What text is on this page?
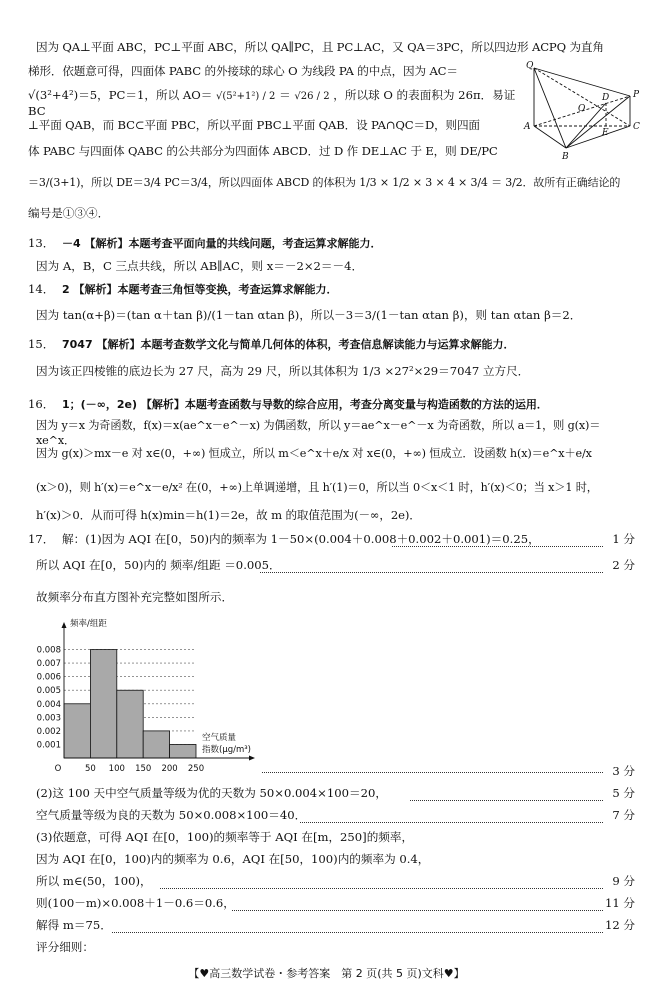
因为 QA⊥平面 ABC，PC⊥平面 ABC，所以 QA∥PC，且 PC⊥AC，又 QA＝3PC，所以四边形 ACPQ 为直角
梯形．依题意可得，四面体 PABC 的外接球的球心 O 为线段 PA 的中点，因为 AC＝
√(3²+4²)＝5，PC＝1，所以 AO＝ √(5²+1²) / 2 ＝ √26 / 2 ，所以球 O 的表面积为 26π．易证 BC
⊥平面 QAB，而 BC⊂平面 PBC，所以平面 PBC⊥平面 QAB．设 PA∩QC＝D，则四面
体 PABC 与四面体 QABC 的公共部分为四面体 ABCD．过 D 作 DE⊥AC 于 E，则 DE/PC
＝3/(3+1)，所以 DE＝3/4 PC＝3/4，所以四面体 ABCD 的体积为 1/3 × 1/2 × 3 × 4 × 3/4 ＝ 3/2．故所有正确结论的
编号是①③④．
Q
P
D
O
A
E
C
B
13． －4 【解析】本题考查平面向量的共线问题，考查运算求解能力．
因为 A，B，C 三点共线，所以 AB∥AC，则 x＝－2×2＝－4．
14． 2 【解析】本题考查三角恒等变换，考查运算求解能力．
因为 tan(α+β)＝(tan α＋tan β)/(1－tan αtan β)，所以－3＝3/(1－tan αtan β)，则 tan αtan β＝2．
15． 7047 【解析】本题考查数学文化与简单几何体的体积，考查信息解读能力与运算求解能力．
因为该正四棱锥的底边长为 27 尺，高为 29 尺，所以其体积为 1/3 ×27²×29＝7047 立方尺．
16． 1；(－∞，2e) 【解析】本题考查函数与导数的综合应用，考查分离变量与构造函数的方法的运用．
因为 y＝x 为奇函数，f(x)＝x(ae^x－e^－x) 为偶函数，所以 y＝ae^x－e^－x 为奇函数，所以 a＝1，则 g(x)＝xe^x．
因为 g(x)＞mx－e 对 x∈(0，+∞) 恒成立，所以 m＜e^x＋e/x 对 x∈(0，+∞) 恒成立．设函数 h(x)＝e^x＋e/x
(x＞0)，则 h′(x)＝e^x－e/x² 在(0，+∞)上单调递增，且 h′(1)＝0，所以当 0＜x＜1 时，h′(x)＜0；当 x＞1 时，
h′(x)＞0．从而可得 h(x)min＝h(1)＝2e，故 m 的取值范围为(－∞，2e)．
17． 解：(1)因为 AQI 在[0，50)内的频率为 1－50×(0.004＋0.008＋0.002＋0.001)＝0.25，	1 分
所以 AQI 在[0，50)内的 频率/组距 ＝0.005．	2 分
故频率分布直方图补充完整如图所示．
0.001
0.002
0.003
0.004
0.005
0.006
0.007
0.008
O	50 100 150 200 250
频率/组距
空气质量
指数(μg/m³)
3 分
(2)这 100 天中空气质量等级为优的天数为 50×0.004×100＝20，	5 分
空气质量等级为良的天数为 50×0.008×100＝40．	7 分
(3)依题意，可得 AQI 在[0，100)的频率等于 AQI 在[m，250]的频率，
因为 AQI 在[0，100)内的频率为 0.6，AQI 在[50，100)内的频率为 0.4，
所以 m∈(50，100)，	9 分
则(100－m)×0.008＋1－0.6＝0.6，	11 分
解得 m＝75．	12 分
评分细则：
【♥高三数学试卷・参考答案　第 2 页(共 5 页)文科♥】
